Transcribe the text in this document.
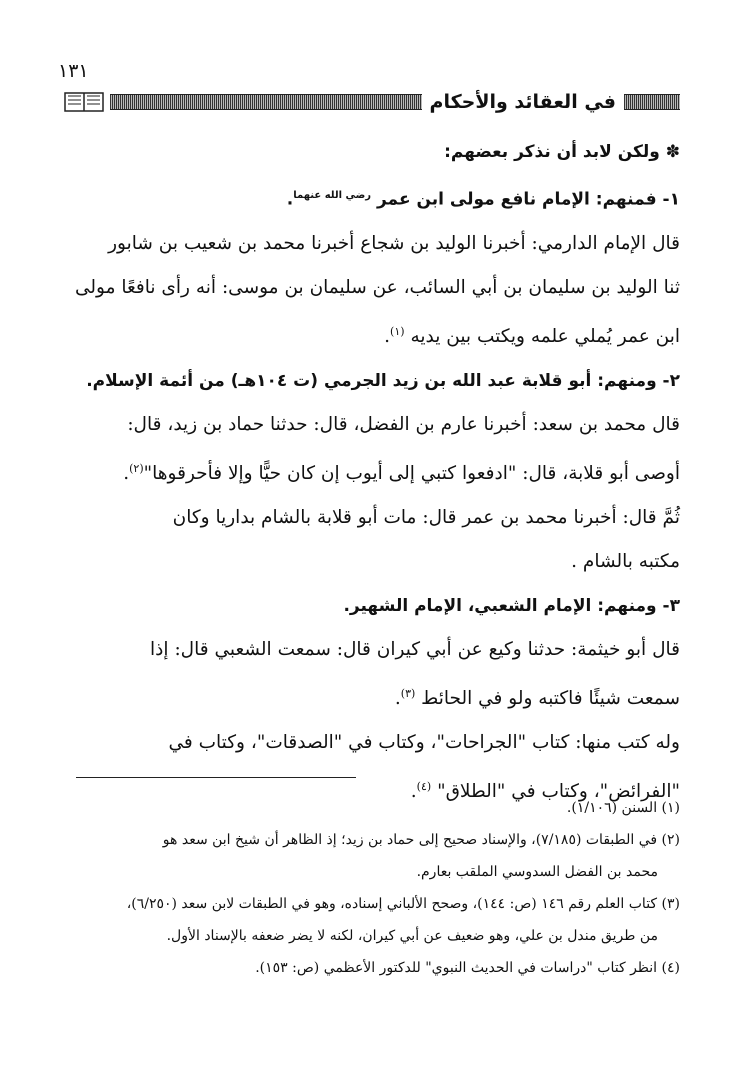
١٣١
في العقائد والأحكام

✽ ولكن لابد أن نذكر بعضهم:

١- فمنهم: الإمام نافع مولى ابن عمر $^{رضي الله عنهما}$.

قال الإمام الدارمي: أخبرنا الوليد بن شجاع أخبرنا محمد بن شعيب بن شابور

ثنا الوليد بن سليمان بن أبي السائب، عن سليمان بن موسى: أنه رأى نافعًا مولى

ابن عمر يُملي علمه ويكتب بين يديه $^{(١)}$.

٢- ومنهم: أبو قلابة عبد الله بن زيد الجرمي (ت ١٠٤هـ) من أئمة الإسلام.

قال محمد بن سعد: أخبرنا عارم بن الفضل، قال: حدثنا حماد بن زيد، قال:

أوصى أبو قلابة، قال: "ادفعوا كتبي إلى أيوب إن كان حيًّا وإلا فأحرقوها"$^{(٢)}$.

ثُمَّ قال: أخبرنا محمد بن عمر قال: مات أبو قلابة بالشام بداريا وكان

مكتبه بالشام .

٣- ومنهم: الإمام الشعبي، الإمام الشهير.

قال أبو خيثمة: حدثنا وكيع عن أبي كيران قال: سمعت الشعبي قال: إذا

سمعت شيئًا فاكتبه ولو في الحائط $^{(٣)}$.

وله كتب منها: كتاب "الجراحات"، وكتاب في "الصدقات"، وكتاب في

"الفرائض"، وكتاب في "الطلاق" $^{(٤)}$.

(١) السنن (١/١٠٦).

(٢) في الطبقات (٧/١٨٥)، والإسناد صحيح إلى حماد بن زيد؛ إذ الظاهر أن شيخ ابن سعد هو

محمد بن الفضل السدوسي الملقب بعارم.

(٣) كتاب العلم رقم ١٤٦ (ص: ١٤٤)، وصحح الألباني إسناده، وهو في الطبقات لابن سعد (٦/٢٥٠)،

من طريق مندل بن علي، وهو ضعيف عن أبي كيران، لكنه لا يضر ضعفه بالإسناد الأول.

(٤) انظر كتاب "دراسات في الحديث النبوي" للدكتور الأعظمي (ص: ١٥٣).
